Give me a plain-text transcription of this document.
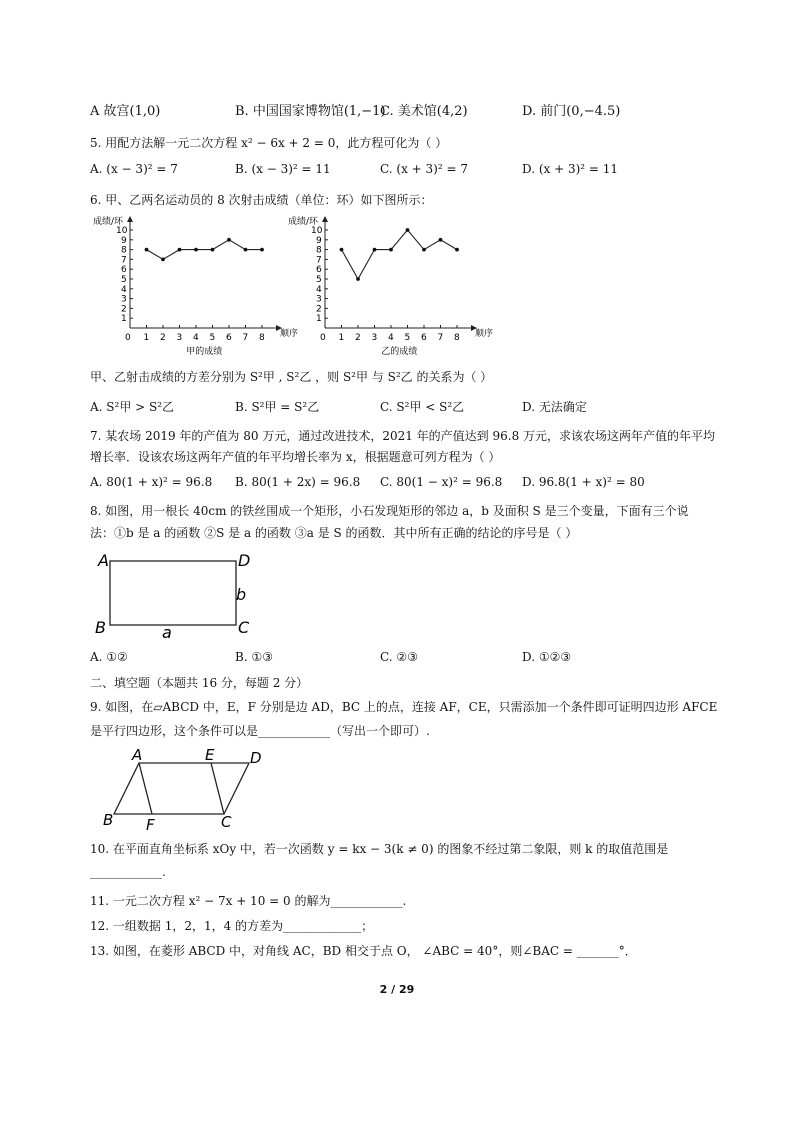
A 故宫(1,0)	B. 中国国家博物馆(1,−1)
C. 美术馆(4,2)	D. 前门(0,−4.5)
5. 用配方法解一元二次方程 x² − 6x + 2 = 0，此方程可化为（ ）
A. (x − 3)² = 7	B. (x − 3)² = 11	C. (x + 3)² = 7	D. (x + 3)² = 11
6. 甲、乙两名运动员的 8 次射击成绩（单位：环）如下图所示：
0 1 2 3 4 5 6 7 8
1
2
3
4
5
6
7
8
9
10
成绩/环
顺序
甲的成绩
0 1 2 3 4 5 6 7 8
1
2
3
4
5
6
7
8
9
10
成绩/环
顺序
乙的成绩
甲、乙射击成绩的方差分别为 S²甲 , S²乙 ，则 S²甲 与 S²乙 的关系为（ ）
A. S²甲 > S²乙	B. S²甲 = S²乙	C. S²甲 < S²乙	D. 无法确定
7. 某农场 2019 年的产值为 80 万元，通过改进技术，2021 年的产值达到 96.8 万元，求该农场这两年产值的年平均
增长率．设该农场这两年产值的年平均增长率为 x，根据题意可列方程为（ ）
A. 80(1 + x)² = 96.8 B. 80(1 + 2x) = 96.8 C. 80(1 − x)² = 96.8 D. 96.8(1 + x)² = 80
8. 如图，用一根长 40cm 的铁丝围成一个矩形，小石发现矩形的邻边 a，b 及面积 S 是三个变量，下面有三个说
法：①b 是 a 的函数 ②S 是 a 的函数 ③a 是 S 的函数．其中所有正确的结论的序号是（ ）
A	D
B	C
b
a
A. ①②	B. ①③	C. ②③	D. ①②③
二、填空题（本题共 16 分，每题 2 分）
9. 如图，在▱ABCD 中，E，F 分别是边 AD，BC 上的点，连接 AF，CE，只需添加一个条件即可证明四边形 AFCE
是平行四边形，这个条件可以是____________（写出一个即可）.
A	E D
B F	C
10. 在平面直角坐标系 xOy 中，若一次函数 y = kx − 3(k ≠ 0) 的图象不经过第二象限，则 k 的取值范围是
____________.
11. 一元二次方程 x² − 7x + 10 = 0 的解为____________.
12. 一组数据 1，2，1，4 的方差为_____________；
13. 如图，在菱形 ABCD 中，对角线 AC，BD 相交于点 O， ∠ABC = 40°，则∠BAC = _______°．
2 / 29
